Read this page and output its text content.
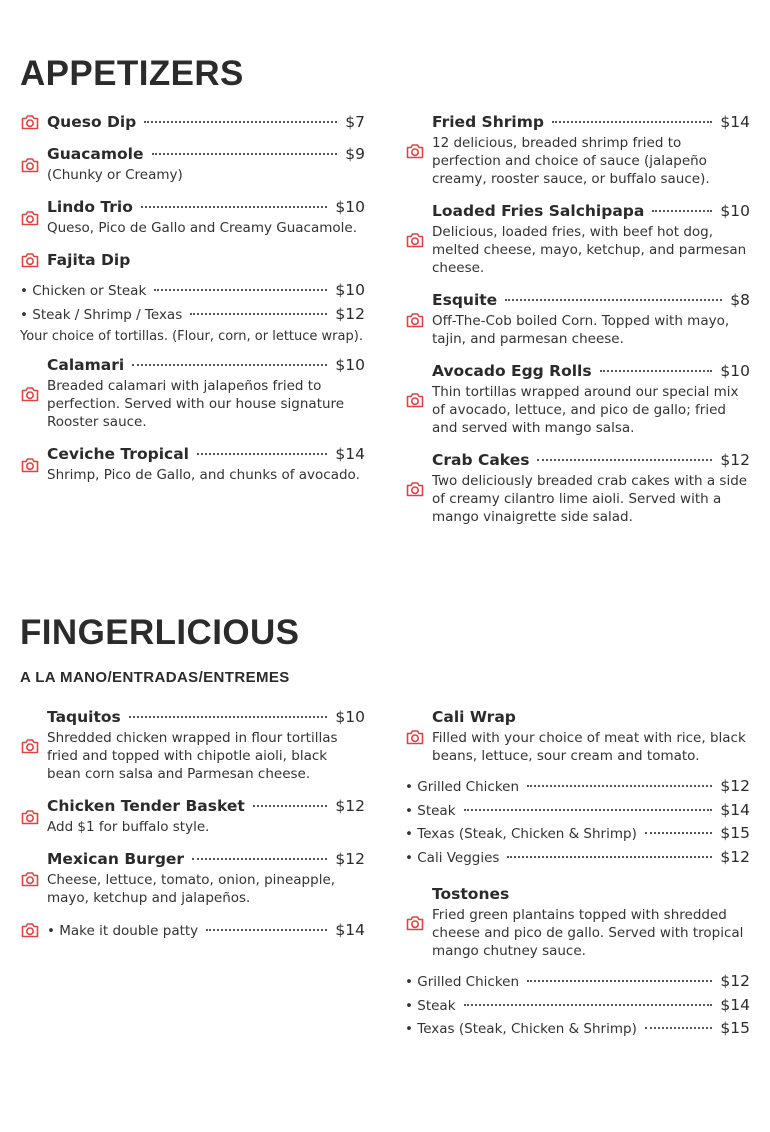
APPETIZERS
Queso Dip	$7
Guacamole	$9
(Chunky or Creamy)
Lindo Trio	$10
Queso, Pico de Gallo and Creamy Guacamole.
Fajita Dip
• Chicken or Steak	$10
• Steak / Shrimp / Texas	$12
Your choice of tortillas. (Flour, corn, or lettuce wrap).
Calamari	$10
Breaded calamari with jalapeños fried to perfection. Served with our house signature Rooster sauce.
Ceviche Tropical	$14
Shrimp, Pico de Gallo, and chunks of avocado.
Fried Shrimp	$14
12 delicious, breaded shrimp fried to perfection and choice of sauce (jalapeño creamy, rooster sauce, or buffalo sauce).
Loaded Fries Salchipapa	$10
Delicious, loaded fries, with beef hot dog, melted cheese, mayo, ketchup, and parmesan cheese.
Esquite	$8
Off-The-Cob boiled Corn. Topped with mayo, tajin, and parmesan cheese.
Avocado Egg Rolls	$10
Thin tortillas wrapped around our special mix of avocado, lettuce, and pico de gallo; fried and served with mango salsa.
Crab Cakes	$12
Two deliciously breaded crab cakes with a side of creamy cilantro lime aioli. Served with a mango vinaigrette side salad.
FINGERLICIOUS
A LA MANO/ENTRADAS/ENTREMES
Taquitos	$10
Shredded chicken wrapped in flour tortillas fried and topped with chipotle aioli, black bean corn salsa and Parmesan cheese.
Chicken Tender Basket	$12
Add $1 for buffalo style.
Mexican Burger	$12
Cheese, lettuce, tomato, onion, pineapple, mayo, ketchup and jalapeños.
• Make it double patty	$14
Cali Wrap
Filled with your choice of meat with rice, black beans, lettuce, sour cream and tomato.
• Grilled Chicken	$12
• Steak	$14
• Texas (Steak, Chicken & Shrimp)	$15
• Cali Veggies	$12
Tostones
Fried green plantains topped with shredded cheese and pico de gallo. Served with tropical mango chutney sauce.
• Grilled Chicken	$12
• Steak	$14
• Texas (Steak, Chicken & Shrimp)	$15
